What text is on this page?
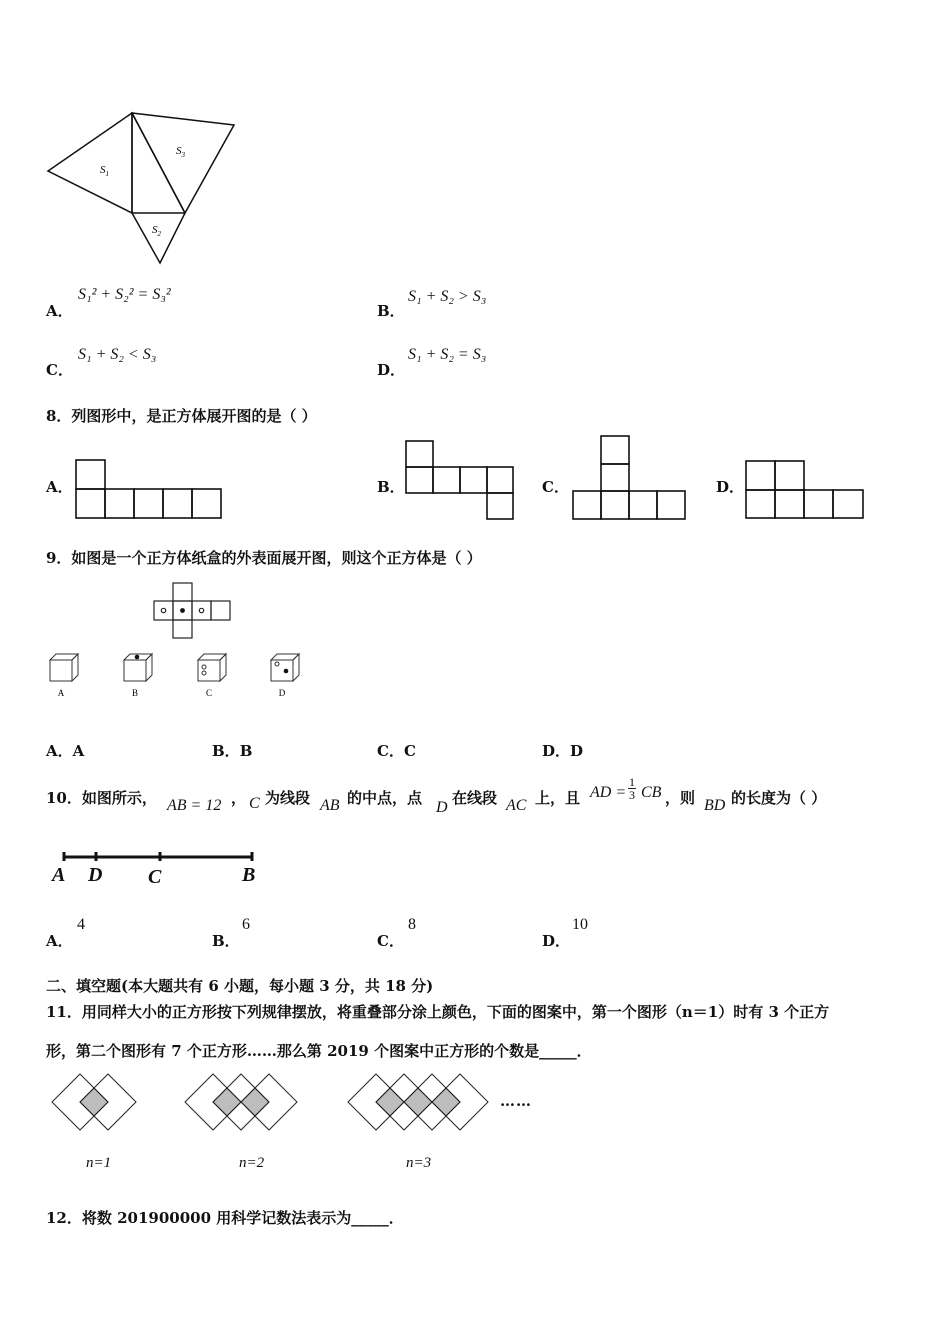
$S_1$
$S_3$
$S_2$
A．
S₁² + S₂² = S₃²
B．
S₁ + S₂ > S₃
C．
S₁ + S₂ < S₃
D．
S₁ + S₂ = S₃
8．列图形中，是正方体展开图的是（ ）
A．	B．	C．	D．
9．如图是一个正方体纸盒的外表面展开图，则这个正方体是（ ）
A	B	C	D
A．A	B．B	C．C	D．D
10．如图所示， AB = 12 ， C 为线段 AB 的中点，点
D
在线段 AC 上，且 AD = $\frac{1}{3}$ CB ，则 BD 的长度为（ ）
A D C	B
A．
4
B．
6
C．
8
D．
10
二、填空题(本大题共有 6 小题，每小题 3 分，共 18 分)
11．用同样大小的正方形按下列规律摆放，将重叠部分涂上颜色，下面的图案中，第一个图形（n＝1）时有 3 个正方
形，第二个图形有 7 个正方形……那么第 2019 个图案中正方形的个数是_____．
……
n=1	n=2	n=3
12．将数 201900000 用科学记数法表示为_____．
